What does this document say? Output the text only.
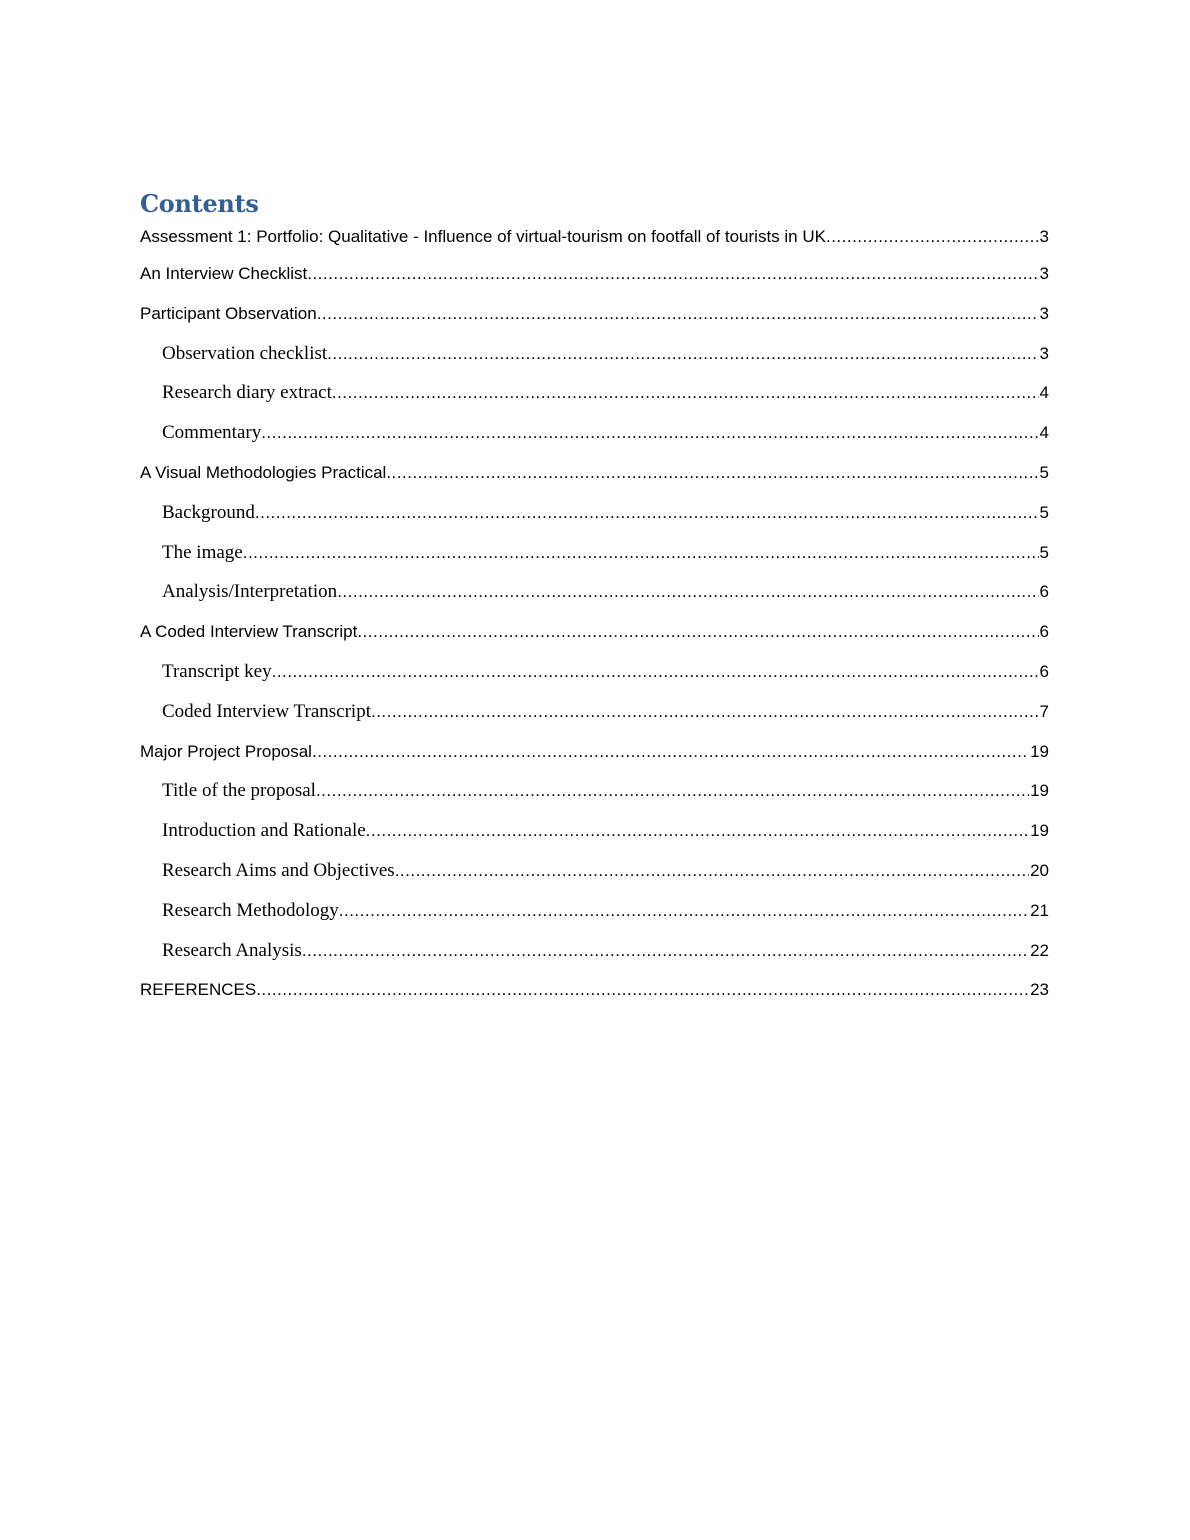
Contents
Assessment 1: Portfolio: Qualitative - Influence of virtual-tourism on footfall of tourists in UK .....	3
An Interview Checklist .....	3
Participant Observation .....	3
Observation checklist .....	3
Research diary extract .....	4
Commentary .....	4
A Visual Methodologies Practical .....	5
Background .....	5
The image .....	5
Analysis/Interpretation .....	6
A Coded Interview Transcript .....	6
Transcript key .....	6
Coded Interview Transcript .....	7
Major Project Proposal .....	19
Title of the proposal .....	19
Introduction and Rationale .....	19
Research Aims and Objectives .....	20
Research Methodology .....	21
Research Analysis .....	22
REFERENCES .....	23
